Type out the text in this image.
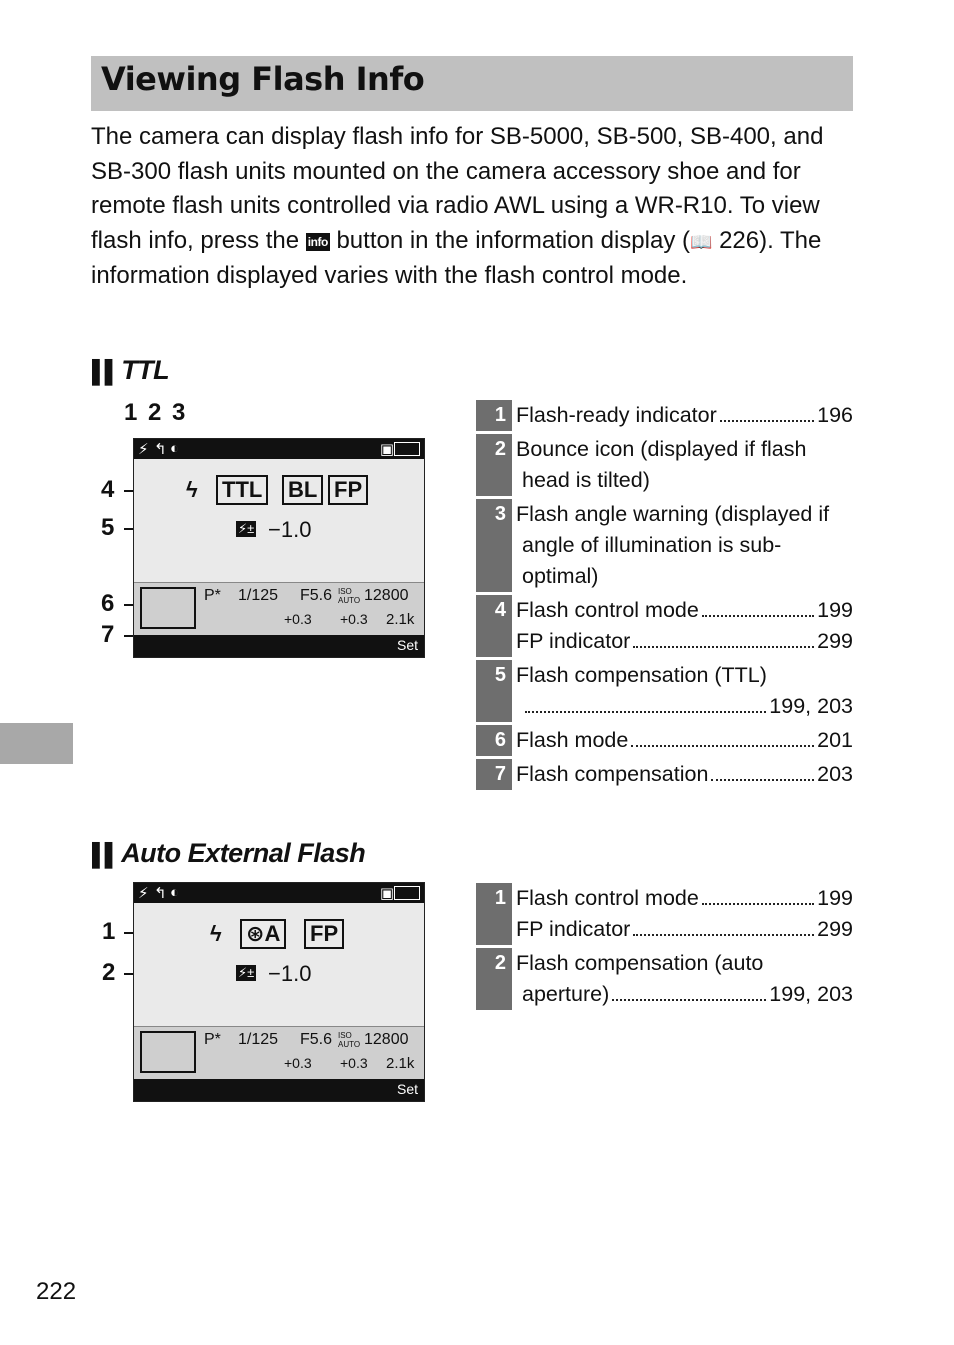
Viewing Flash Info

The camera can display flash info for SB-5000, SB-500, SB-400, and SB-300 flash units mounted on the camera accessory shoe and for remote flash units controlled via radio AWL using a WR-R10. To view flash info, press the info button in the information display (📖 226). The information displayed varies with the flash control mode.

▌▌ TTL
1 2 3
4
5
6
7
⚡ ↰ ◐	▣
ϟ TTL BL FP
⚡± −1.0
P* 1/125 F5.6 ISO AUTO 12800
+0.3 +0.3 2.1k
Set
1 Flash-ready indicator	196
2 Bounce icon (displayed if flash
head is tilted)
3 Flash angle warning (displayed if
angle of illumination is sub-
optimal)
4 Flash control mode	199
FP indicator	299
5 Flash compensation (TTL)
199, 203
6 Flash mode	201
7 Flash compensation	203
▌▌ Auto External Flash
1
2
⚡ ↰ ◐	▣
ϟ ⊛A FP
⚡± −1.0
P* 1/125 F5.6 ISO AUTO 12800
+0.3 +0.3 2.1k
Set
1 Flash control mode	199
FP indicator	299
2 Flash compensation (auto
aperture)	199, 203
222
